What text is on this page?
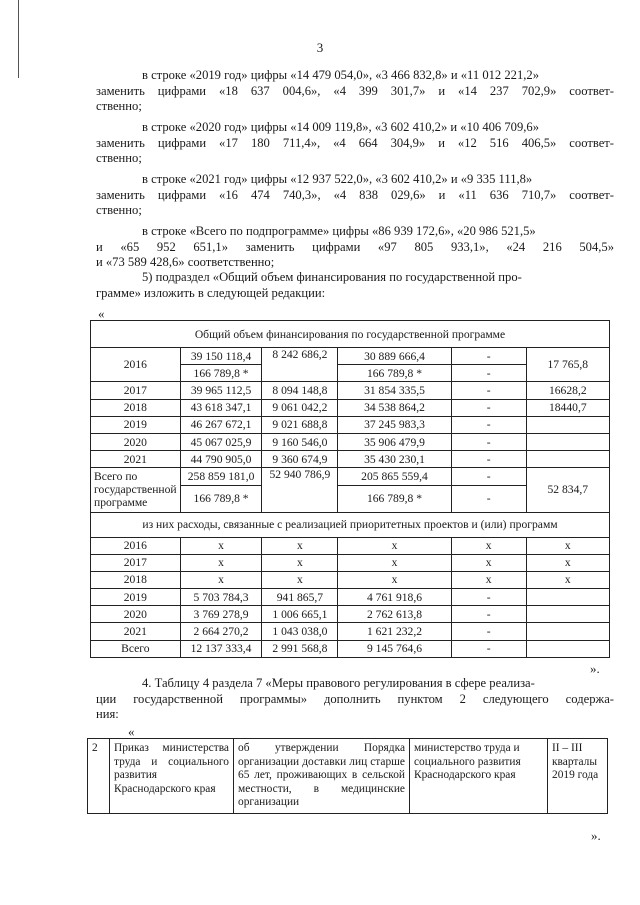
3
в строке «2019 год» цифры «14 479 054,0», «3 466 832,8» и «11 012 221,2»
заменить цифрами «18 637 004,6», «4 399 301,7» и «14 237 702,9» соответ-
ственно;
в строке «2020 год» цифры «14 009 119,8», «3 602 410,2» и «10 406 709,6»
заменить цифрами «17 180 711,4», «4 664 304,9» и «12 516 406,5» соответ-
ственно;
в строке «2021 год» цифры «12 937 522,0», «3 602 410,2» и «9 335 111,8»
заменить цифрами «16 474 740,3», «4 838 029,6» и «11 636 710,7» соответ-
ственно;
в строке «Всего по подпрограмме» цифры «86 939 172,6», «20 986 521,5»
и «65 952 651,1» заменить цифрами «97 805 933,1», «24 216 504,5»
и «73 589 428,6» соответственно;
5) подраздел «Общий объем финансирования по государственной про-
грамме» изложить в следующей редакции:
«
Общий объем финансирования по государственной программе					
2016	39 150 118,4	8 242 686,2	30 889 666,4	-	17 765,8
	166 789,8 *		166 789,8 *	-	
2017	39 965 112,5	8 094 148,8	31 854 335,5	-	16628,2
2018	43 618 347,1	9 061 042,2	34 538 864,2	-	18440,7
2019	46 267 672,1	9 021 688,8	37 245 983,3	-	
2020	45 067 025,9	9 160 546,0	35 906 479,9	-	
2021	44 790 905,0	9 360 674,9	35 430 230,1	-	
Всего по государственной программе	258 859 181,0	52 940 786,9	205 865 559,4	-	52 834,7
	166 789,8 *		166 789,8 *	-	
из них расходы, связанные с реализацией приоритетных проектов и (или) программ					
2016	x	x	x	x	x
2017	x	x	x	x	x
2018	x	x	x	x	x
2019	5 703 784,3	941 865,7	4 761 918,6	-	
2020	3 769 278,9	1 006 665,1	2 762 613,8	-	
2021	2 664 270,2	1 043 038,0	1 621 232,2	-	
Всего	12 137 333,4	2 991 568,8	9 145 764,6	-	
».
4. Таблицу 4 раздела 7 «Меры правового регулирования в сфере реализа-
ции государственной программы» дополнить пунктом 2 следующего содержа-
ния:
«
2	Приказ министерства труда и социального развития Краснодарского края	об утверждении Порядка организации доставки лиц старше 65 лет, проживающих в сельской местности, в медицинские организации	министерство труда и социального развития Краснодарского края	II – III кварталы 2019 года
».
